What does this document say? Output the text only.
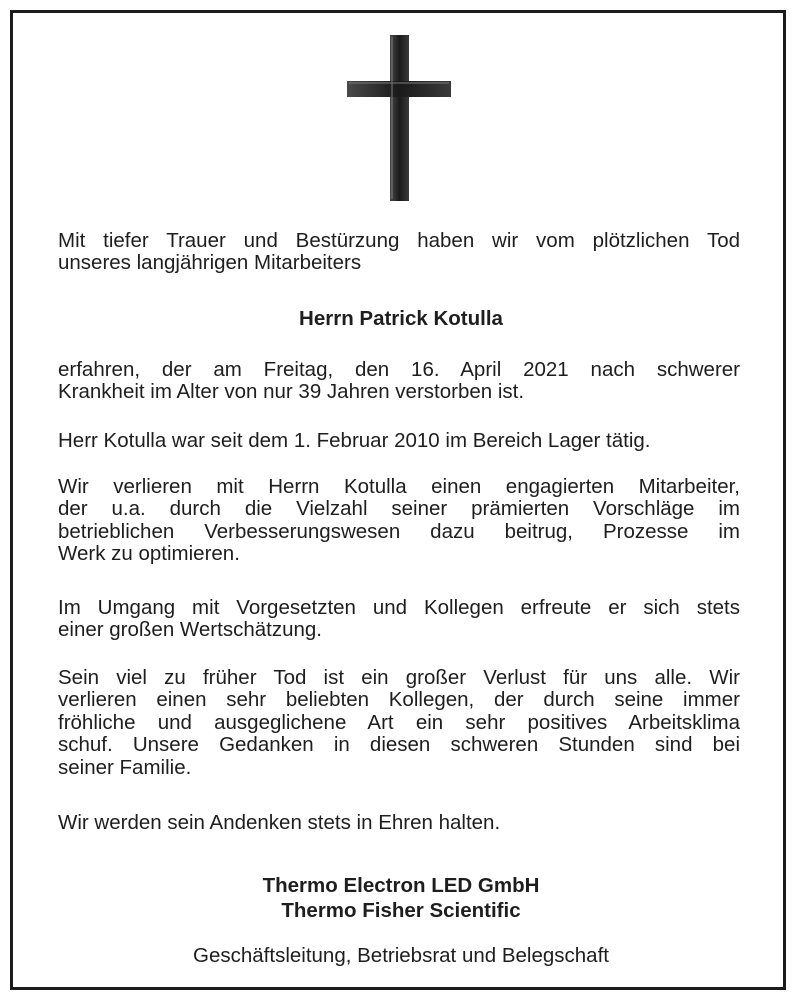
Mit tiefer Trauer und Bestürzung haben wir vom plötzlichen Tod
unseres langjährigen Mitarbeiters
Herrn Patrick Kotulla
erfahren, der am Freitag, den 16. April 2021 nach schwerer
Krankheit im Alter von nur 39 Jahren verstorben ist.
Herr Kotulla war seit dem 1. Februar 2010 im Bereich Lager tätig.
Wir verlieren mit Herrn Kotulla einen engagierten Mitarbeiter,
der u.a. durch die Vielzahl seiner prämierten Vorschläge im
betrieblichen Verbesserungswesen dazu beitrug, Prozesse im
Werk zu optimieren.
Im Umgang mit Vorgesetzten und Kollegen erfreute er sich stets
einer großen Wertschätzung.
Sein viel zu früher Tod ist ein großer Verlust für uns alle. Wir
verlieren einen sehr beliebten Kollegen, der durch seine immer
fröhliche und ausgeglichene Art ein sehr positives Arbeitsklima
schuf. Unsere Gedanken in diesen schweren Stunden sind bei
seiner Familie.
Wir werden sein Andenken stets in Ehren halten.
Thermo Electron LED GmbH
Thermo Fisher Scientific
Geschäftsleitung, Betriebsrat und Belegschaft
